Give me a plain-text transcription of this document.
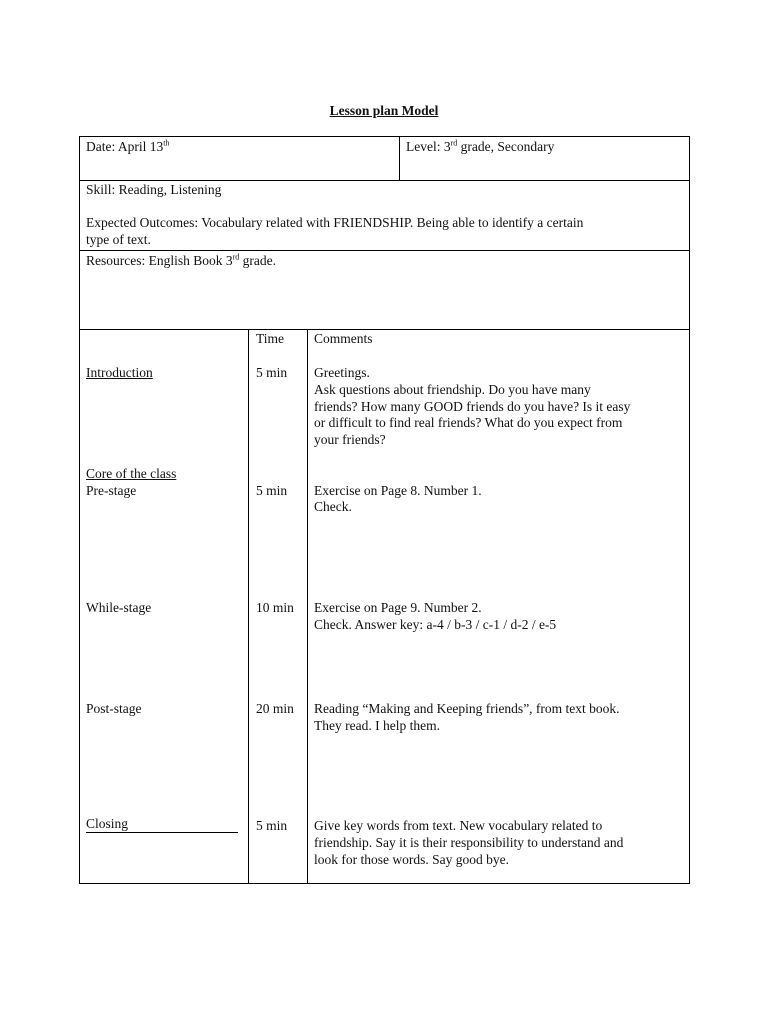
Lesson plan Model
Date: April 13th	Level: 3rd grade, Secondary
Skill: Reading, Listening
Expected Outcomes: Vocabulary related with FRIENDSHIP. Being able to identify a certain
type of text.
Resources: English Book 3rd grade.
Time Comments
Introduction	5 min Greetings.
Ask questions about friendship. Do you have many
friends? How many GOOD friends do you have? Is it easy
or difficult to find real friends? What do you expect from
your friends?
Core of the class
Pre-stage	5 min Exercise on Page 8. Number 1.
Check.
While-stage	10 min Exercise on Page 9. Number 2.
Check. Answer key: a-4 / b-3 / c-1 / d-2 / e-5
Post-stage	20 min Reading “Making and Keeping friends”, from text book.
They read. I help them.
Closing	5 min Give key words from text. New vocabulary related to
friendship. Say it is their responsibility to understand and
look for those words. Say good bye.
